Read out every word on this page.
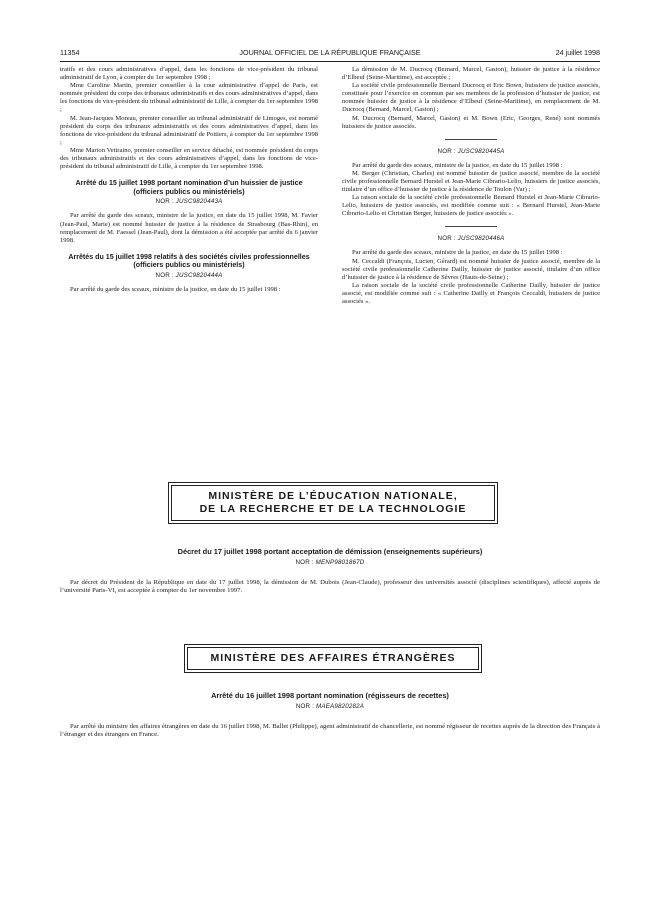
11354	JOURNAL OFFICIEL DE LA RÉPUBLIQUE FRANÇAISE	24 juillet 1998

tratifs et des cours administratives d’appel, dans les fonctions de vice-président du tribunal administratif de Lyon, à compter du 1er septembre 1998 ;

Mme Caroline Martin, premier conseiller à la cour administrative d’appel de Paris, est nommée président du corps des tribunaux administratifs et des cours administratives d’appel, dans les fonctions de vice-président du tribunal administratif de Lille, à compter du 1er septembre 1998 ;

M. Jean-Jacques Moreau, premier conseiller au tribunal administratif de Limoges, est nommé président du corps des tribunaux administratifs et des cours administratives d’appel, dans les fonctions de vice-président du tribunal administratif de Poitiers, à compter du 1er septembre 1998 ;

Mme Marion Vettraino, premier conseiller en service détaché, est nommée président du corps des tribunaux administratifs et des cours administratives d’appel, dans les fonctions de vice-président du tribunal administratif de Lille, à compter du 1er septembre 1998.

Arrêté du 15 juillet 1998 portant nomination d’un huissier de justice (officiers publics ou ministériels)
NOR : JUSC9820443A

Par arrêté du garde des sceaux, ministre de la justice, en date du 15 juillet 1998, M. Favier (Jean-Paul, Marie) est nommé huissier de justice à la résidence de Strasbourg (Bas-Rhin), en remplacement de M. Faessel (Jean-Paul), dont la démission a été acceptée par arrêté du 6 janvier 1998.

Arrêtés du 15 juillet 1998 relatifs à des sociétés civiles professionnelles (officiers publics ou ministériels)
NOR : JUSC9820444A

Par arrêté du garde des sceaux, ministre de la justice, en date du 15 juillet 1998 :

La démission de M. Ducrocq (Bernard, Marcel, Gaston), huissier de justice à la résidence d’Elbeuf (Seine-Maritime), est acceptée ;

La société civile professionnelle Bernard Ducrocq et Eric Bown, huissiers de justice associés, constituée pour l’exercice en commun par ses membres de la profession d’huissier de justice, est nommée huissier de justice à la résidence d’Elbeuf (Seine-Maritime), en remplacement de M. Ducrocq (Bernard, Marcel, Gaston) ;

M. Ducrocq (Bernard, Marcel, Gaston) et M. Bown (Eric, Georges, René) sont nommés huissiers de justice associés.

NOR : JUSC9820445A

Par arrêté du garde des sceaux, ministre de la justice, en date du 15 juillet 1998 :

M. Berger (Christian, Charles) est nommé huissier de justice associé, membre de la société civile professionnelle Bernard Hurstel et Jean-Marie Cibrario-Lelio, huissiers de justice associés, titulaire d’un office d’huissier de justice à la résidence de Toulon (Var) ;

La raison sociale de la société civile professionnelle Bernard Hurstel et Jean-Marie Cibrario-Lelio, huissiers de justice associés, est modifiée comme suit : « Bernard Hurstel, Jean-Marie Cibrario-Lelio et Christian Berger, huissiers de justice associés ».

NOR : JUSC9820446A

Par arrêté du garde des sceaux, ministre de la justice, en date du 15 juillet 1998 :

M. Ceccaldi (François, Lucien, Gérard) est nommé huissier de justice associé, membre de la société civile professionnelle Catherine Dailly, huissier de justice associé, titulaire d’un office d’huissier de justice à la résidence de Sèvres (Hauts-de-Seine) ;

La raison sociale de la société civile professionnelle Catherine Dailly, huissier de justice associé, est modifiée comme suit : « Catherine Dailly et François Ceccaldi, huissiers de justice associés ».

MINISTÈRE DE L’ÉDUCATION NATIONALE,
DE LA RECHERCHE ET DE LA TECHNOLOGIE
Décret du 17 juillet 1998 portant acceptation de démission (enseignements supérieurs)
NOR : MENP9801867D

Par décret du Président de la République en date du 17 juillet 1998, la démission de M. Dubois (Jean-Claude), professeur des universités associé (disciplines scientifiques), affecté auprès de l’université Paris-VI, est acceptée à compter du 1er novembre 1997.

MINISTÈRE DES AFFAIRES ÉTRANGÈRES
Arrêté du 16 juillet 1998 portant nomination (régisseurs de recettes)
NOR : MAEA9820282A

Par arrêté du ministre des affaires étrangères en date du 16 juillet 1998, M. Ballet (Philippe), agent administratif de chancellerie, est nommé régisseur de recettes auprès de la direction des Français à l’étranger et des étrangers en France.
